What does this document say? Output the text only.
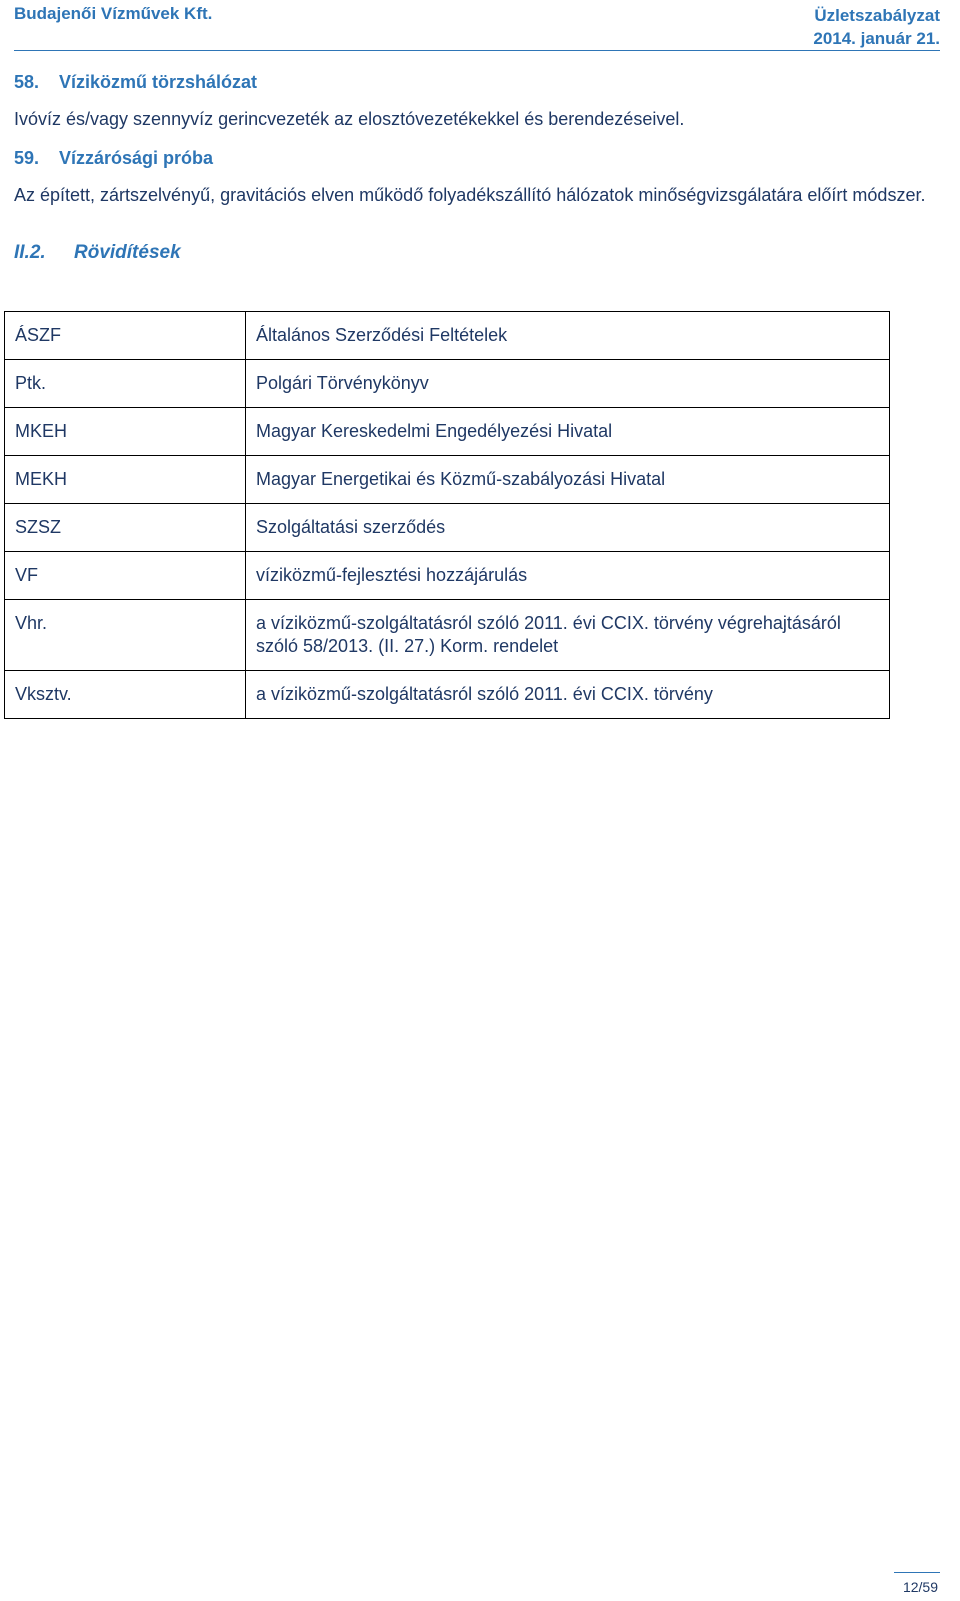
Budajenői Vízművek Kft.	Üzletszabályzat
2014. január 21.
58. Víziközmű törzshálózat
Ivóvíz és/vagy szennyvíz gerincvezeték az elosztóvezetékekkel és berendezéseivel.
59. Vízzárósági próba
Az épített, zártszelvényű, gravitációs elven működő folyadékszállító hálózatok minőségvizsgálatára előírt módszer.
II.2. Rövidítések
ÁSZF	Általános Szerződési Feltételek
Ptk.	Polgári Törvénykönyv
MKEH	Magyar Kereskedelmi Engedélyezési Hivatal
MEKH	Magyar Energetikai és Közmű-szabályozási Hivatal
SZSZ	Szolgáltatási szerződés
VF	víziközmű-fejlesztési hozzájárulás
Vhr.	a víziközmű-szolgáltatásról szóló 2011. évi CCIX. törvény végrehajtásáról szóló 58/2013. (II. 27.) Korm. rendelet
Vksztv.	a víziközmű-szolgáltatásról szóló 2011. évi CCIX. törvény
12/59
